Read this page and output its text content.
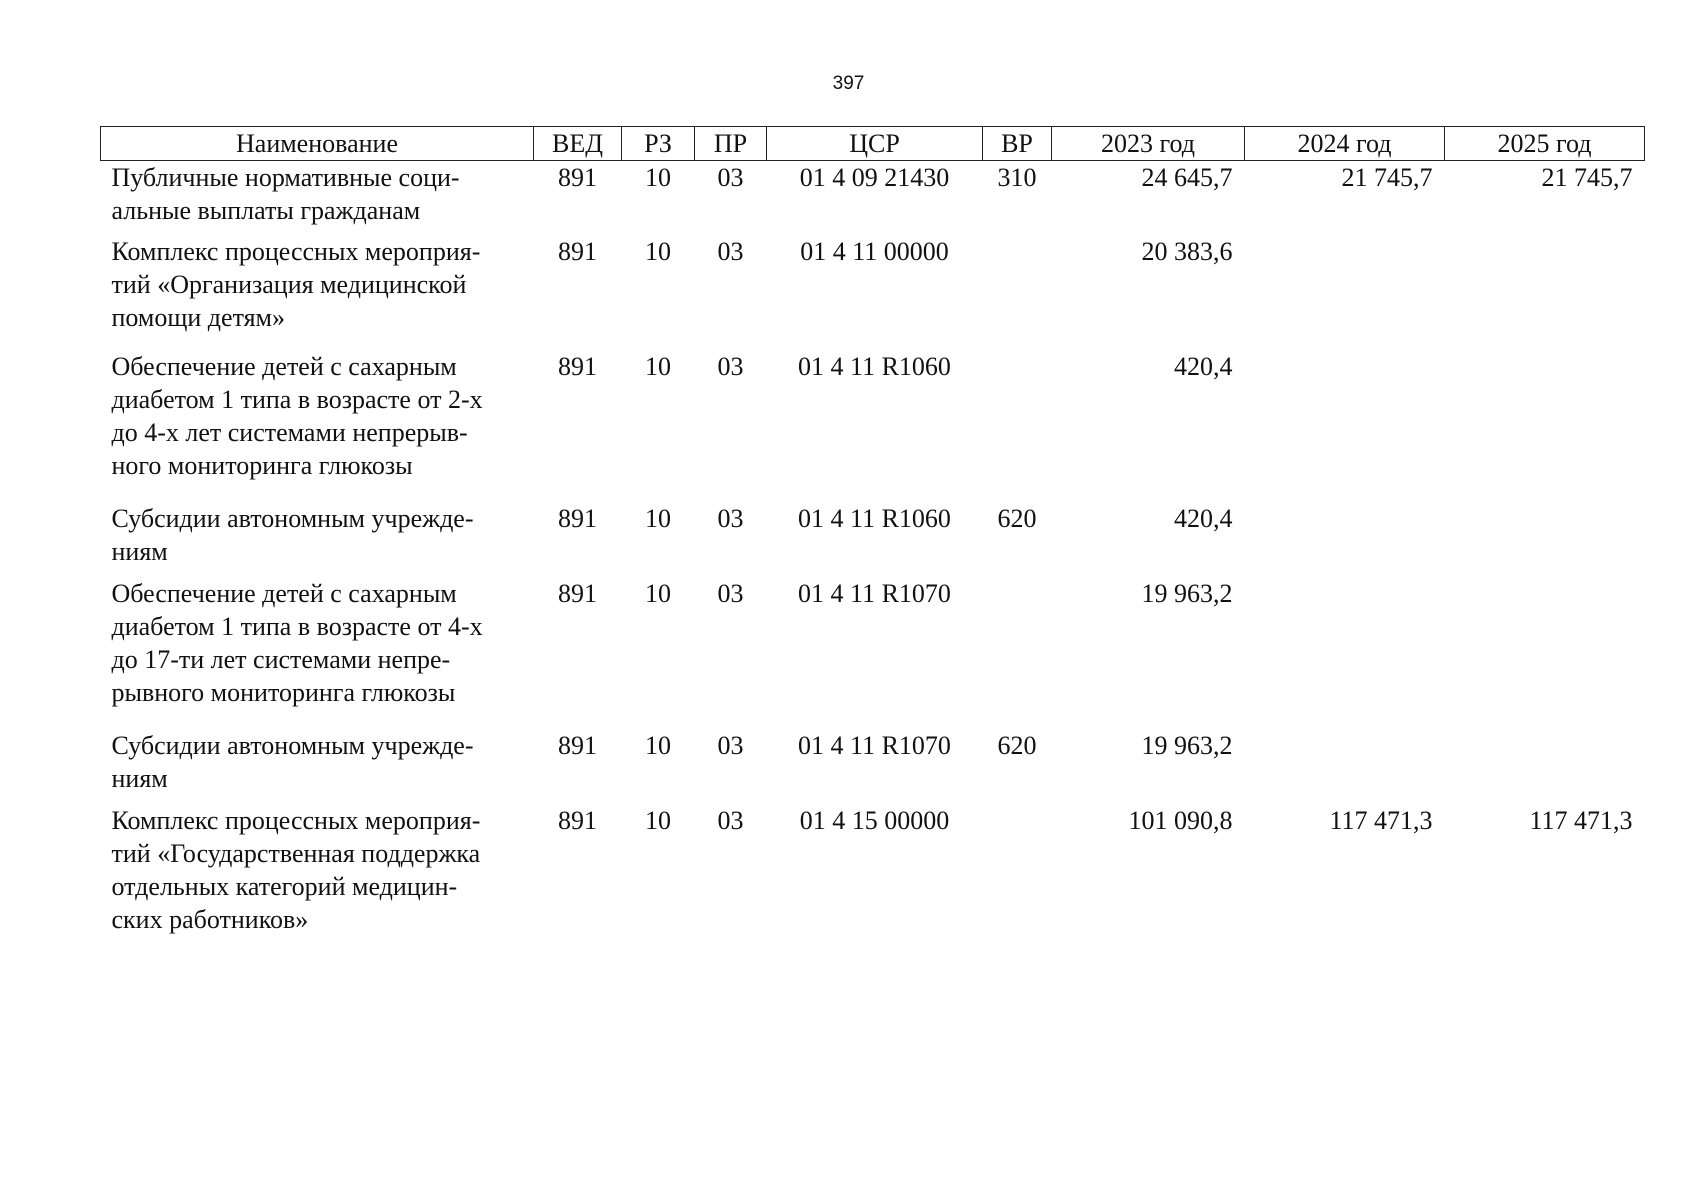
397
Наименование	ВЕД	РЗ	ПР	ЦСР	ВР	2023 год	2024 год	2025 год

Публичные нормативные соци-
альные выплаты гражданам	891	10	03	01 4 09 21430	310	24 645,7	21 745,7	21 745,7

Комплекс процессных мероприя-
тий «Организация медицинской
помощи детям»	891	10	03	01 4 11 00000		20 383,6		

Обеспечение детей с сахарным
диабетом 1 типа в возрасте от 2-х
до 4-х лет системами непрерыв-
ного мониторинга глюкозы	891	10	03	01 4 11 R1060		420,4		

Субсидии автономным учрежде-
ниям	891	10	03	01 4 11 R1060	620	420,4		

Обеспечение детей с сахарным
диабетом 1 типа в возрасте от 4-х
до 17-ти лет системами непре-
рывного мониторинга глюкозы	891	10	03	01 4 11 R1070		19 963,2		

Субсидии автономным учрежде-
ниям	891	10	03	01 4 11 R1070	620	19 963,2		

Комплекс процессных мероприя-
тий «Государственная поддержка
отдельных категорий медицин-
ских работников»	891	10	03	01 4 15 00000		101 090,8	117 471,3	117 471,3
